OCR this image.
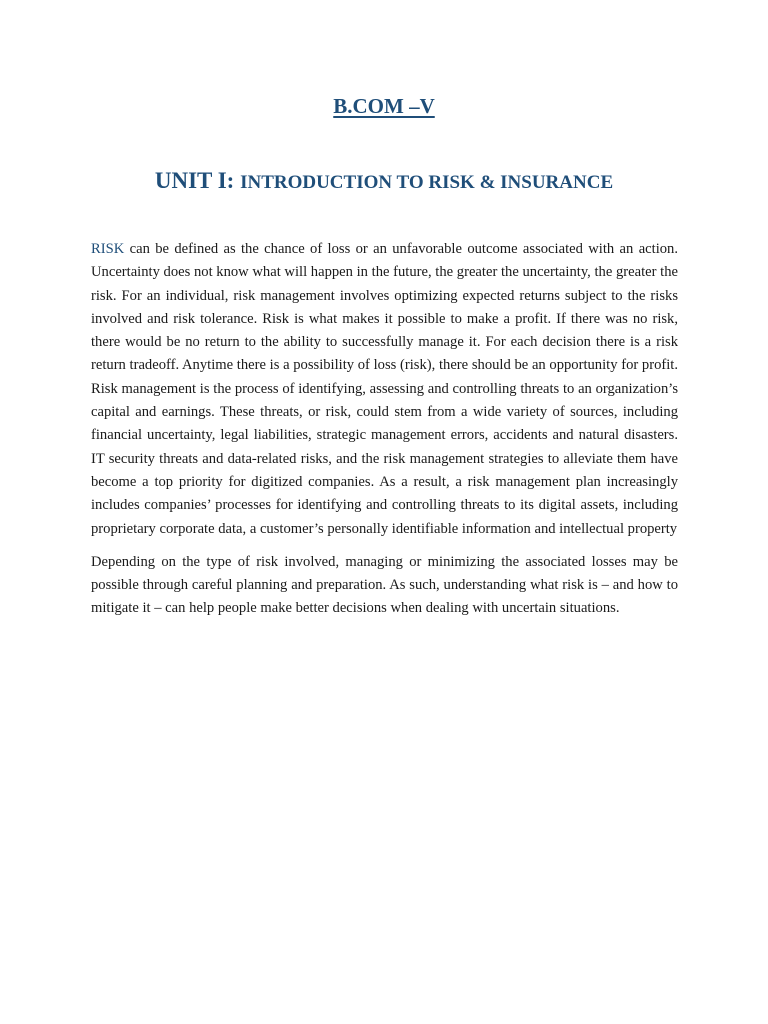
B.COM –V
UNIT I: INTRODUCTION TO RISK & INSURANCE

RISK can be defined as the chance of loss or an unfavorable outcome associated with an action. Uncertainty does not know what will happen in the future, the greater the uncertainty, the greater the risk. For an individual, risk management involves optimizing expected returns subject to the risks involved and risk tolerance. Risk is what makes it possible to make a profit. If there was no risk, there would be no return to the ability to successfully manage it. For each decision there is a risk return tradeoff. Anytime there is a possibility of loss (risk), there should be an opportunity for profit. Risk management is the process of identifying, assessing and controlling threats to an organization’s capital and earnings. These threats, or risk, could stem from a wide variety of sources, including financial uncertainty, legal liabilities, strategic management errors, accidents and natural disasters. IT security threats and data-related risks, and the risk management strategies to alleviate them have become a top priority for digitized companies. As a result, a risk management plan increasingly includes companies’ processes for identifying and controlling threats to its digital assets, including proprietary corporate data, a customer’s personally identifiable information and intellectual property

Depending on the type of risk involved, managing or minimizing the associated losses may be possible through careful planning and preparation. As such, understanding what risk is – and how to mitigate it – can help people make better decisions when dealing with uncertain situations.
